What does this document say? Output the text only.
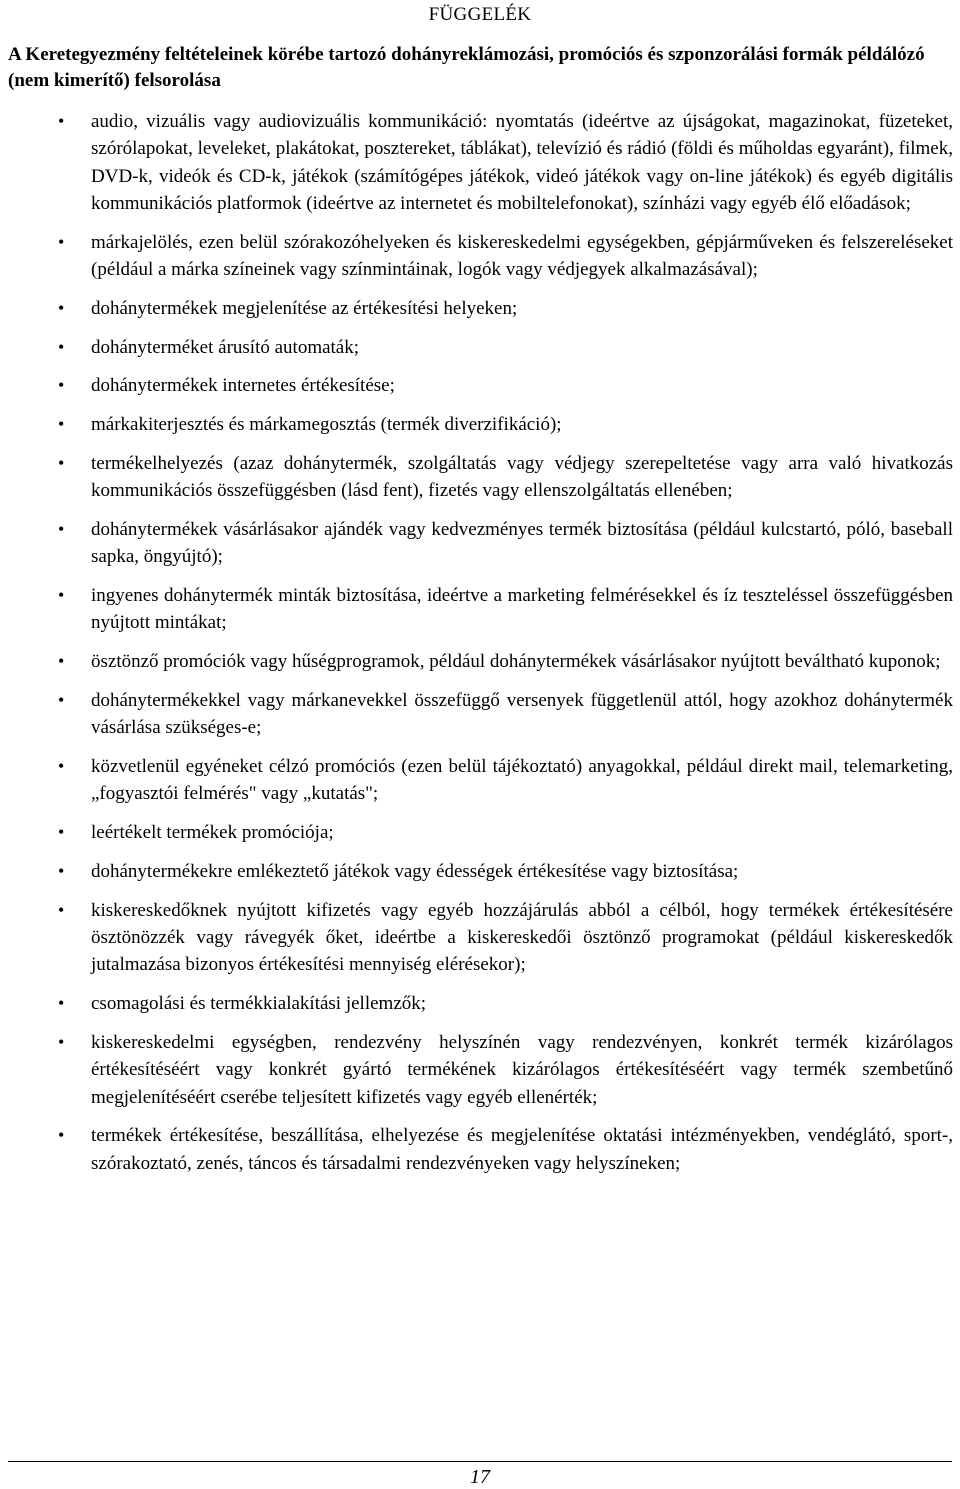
FÜGGELÉK
A Keretegyezmény feltételeinek körébe tartozó dohányreklámozási, promóciós és szponzorálási formák példálózó (nem kimerítő) felsorolása
• audio, vizuális vagy audiovizuális kommunikáció: nyomtatás (ideértve az újságokat, magazinokat, füzeteket, szórólapokat, leveleket, plakátokat, posztereket, táblákat), televízió és rádió (földi és műholdas egyaránt), filmek, DVD-k, videók és CD-k, játékok (számítógépes játékok, videó játékok vagy on-line játékok) és egyéb digitális kommunikációs platformok (ideértve az internetet és mobiltelefonokat), színházi vagy egyéb élő előadások;
• márkajelölés, ezen belül szórakozóhelyeken és kiskereskedelmi egységekben, gépjárműveken és felszereléseket (például a márka színeinek vagy színmintáinak, logók vagy védjegyek alkalmazásával);
• dohánytermékek megjelenítése az értékesítési helyeken;
• dohányterméket árusító automaták;
• dohánytermékek internetes értékesítése;
• márkakiterjesztés és márkamegosztás (termék diverzifikáció);
• termékelhelyezés (azaz dohánytermék, szolgáltatás vagy védjegy szerepeltetése vagy arra való hivatkozás kommunikációs összefüggésben (lásd fent), fizetés vagy ellenszolgáltatás ellenében;
• dohánytermékek vásárlásakor ajándék vagy kedvezményes termék biztosítása (például kulcstartó, póló, baseball sapka, öngyújtó);
• ingyenes dohánytermék minták biztosítása, ideértve a marketing felmérésekkel és íz teszteléssel összefüggésben nyújtott mintákat;
• ösztönző promóciók vagy hűségprogramok, például dohánytermékek vásárlásakor nyújtott beváltható kuponok;
• dohánytermékekkel vagy márkanevekkel összefüggő versenyek függetlenül attól, hogy azokhoz dohánytermék vásárlása szükséges-e;
• közvetlenül egyéneket célzó promóciós (ezen belül tájékoztató) anyagokkal, például direkt mail, telemarketing, „fogyasztói felmérés" vagy „kutatás";
• leértékelt termékek promóciója;
• dohánytermékekre emlékeztető játékok vagy édességek értékesítése vagy biztosítása;
• kiskereskedőknek nyújtott kifizetés vagy egyéb hozzájárulás abból a célból, hogy termékek értékesítésére ösztönözzék vagy rávegyék őket, ideértbe a kiskereskedői ösztönző programokat (például kiskereskedők jutalmazása bizonyos értékesítési mennyiség elérésekor);
• csomagolási és termékkialakítási jellemzők;
• kiskereskedelmi egységben, rendezvény helyszínén vagy rendezvényen, konkrét termék kizárólagos értékesítéséért vagy konkrét gyártó termékének kizárólagos értékesítéséért vagy termék szembetűnő megjelenítéséért cserébe teljesített kifizetés vagy egyéb ellenérték;
• termékek értékesítése, beszállítása, elhelyezése és megjelenítése oktatási intézményekben, vendéglátó, sport-, szórakoztató, zenés, táncos és társadalmi rendezvényeken vagy helyszíneken;
17
